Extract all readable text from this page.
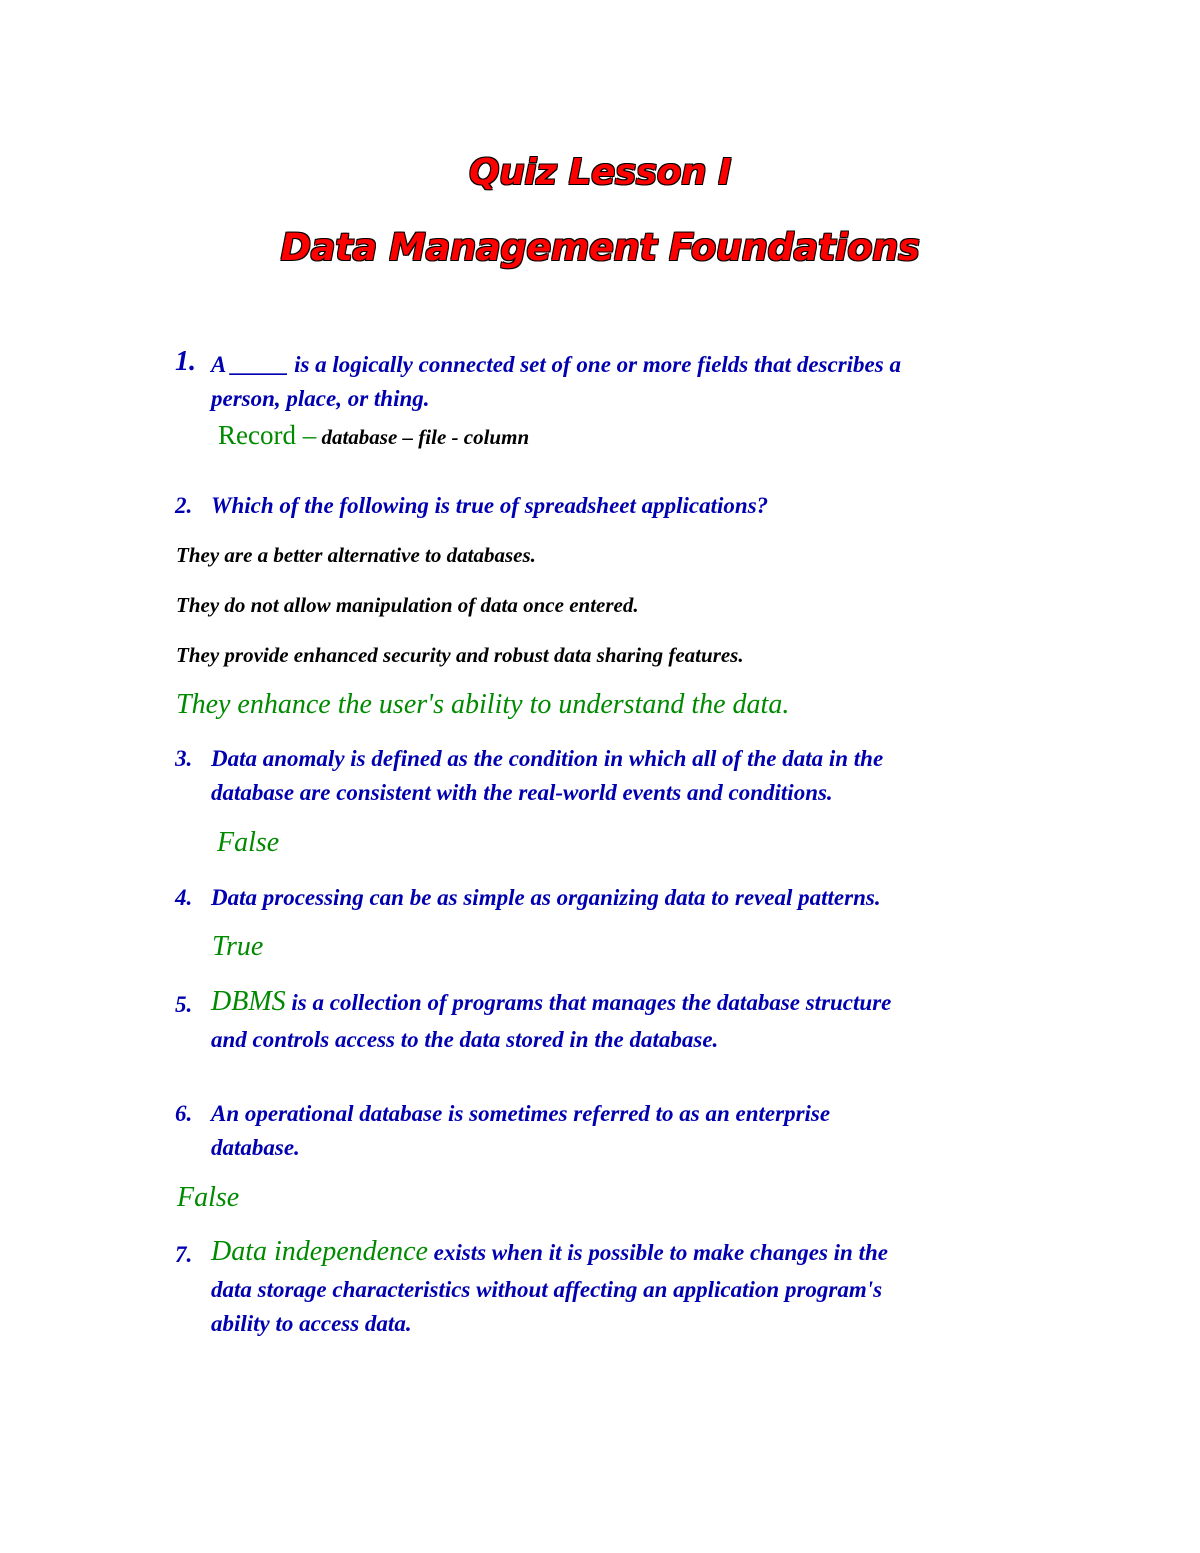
Quiz Lesson I
Data Management Foundations
1. A _____ is a logically connected set of one or more fields that describes a
person, place, or thing.
Record – database – file - column
2. Which of the following is true of spreadsheet applications?
They are a better alternative to databases.
They do not allow manipulation of data once entered.
They provide enhanced security and robust data sharing features.
They enhance the user's ability to understand the data.
3. Data anomaly is defined as the condition in which all of the data in the
database are consistent with the real-world events and conditions.
False
4. Data processing can be as simple as organizing data to reveal patterns.
True
5. DBMS is a collection of programs that manages the database structure
and controls access to the data stored in the database.
6. An operational database is sometimes referred to as an enterprise
database.
False
7. Data independence exists when it is possible to make changes in the
data storage characteristics without affecting an application program's
ability to access data.
